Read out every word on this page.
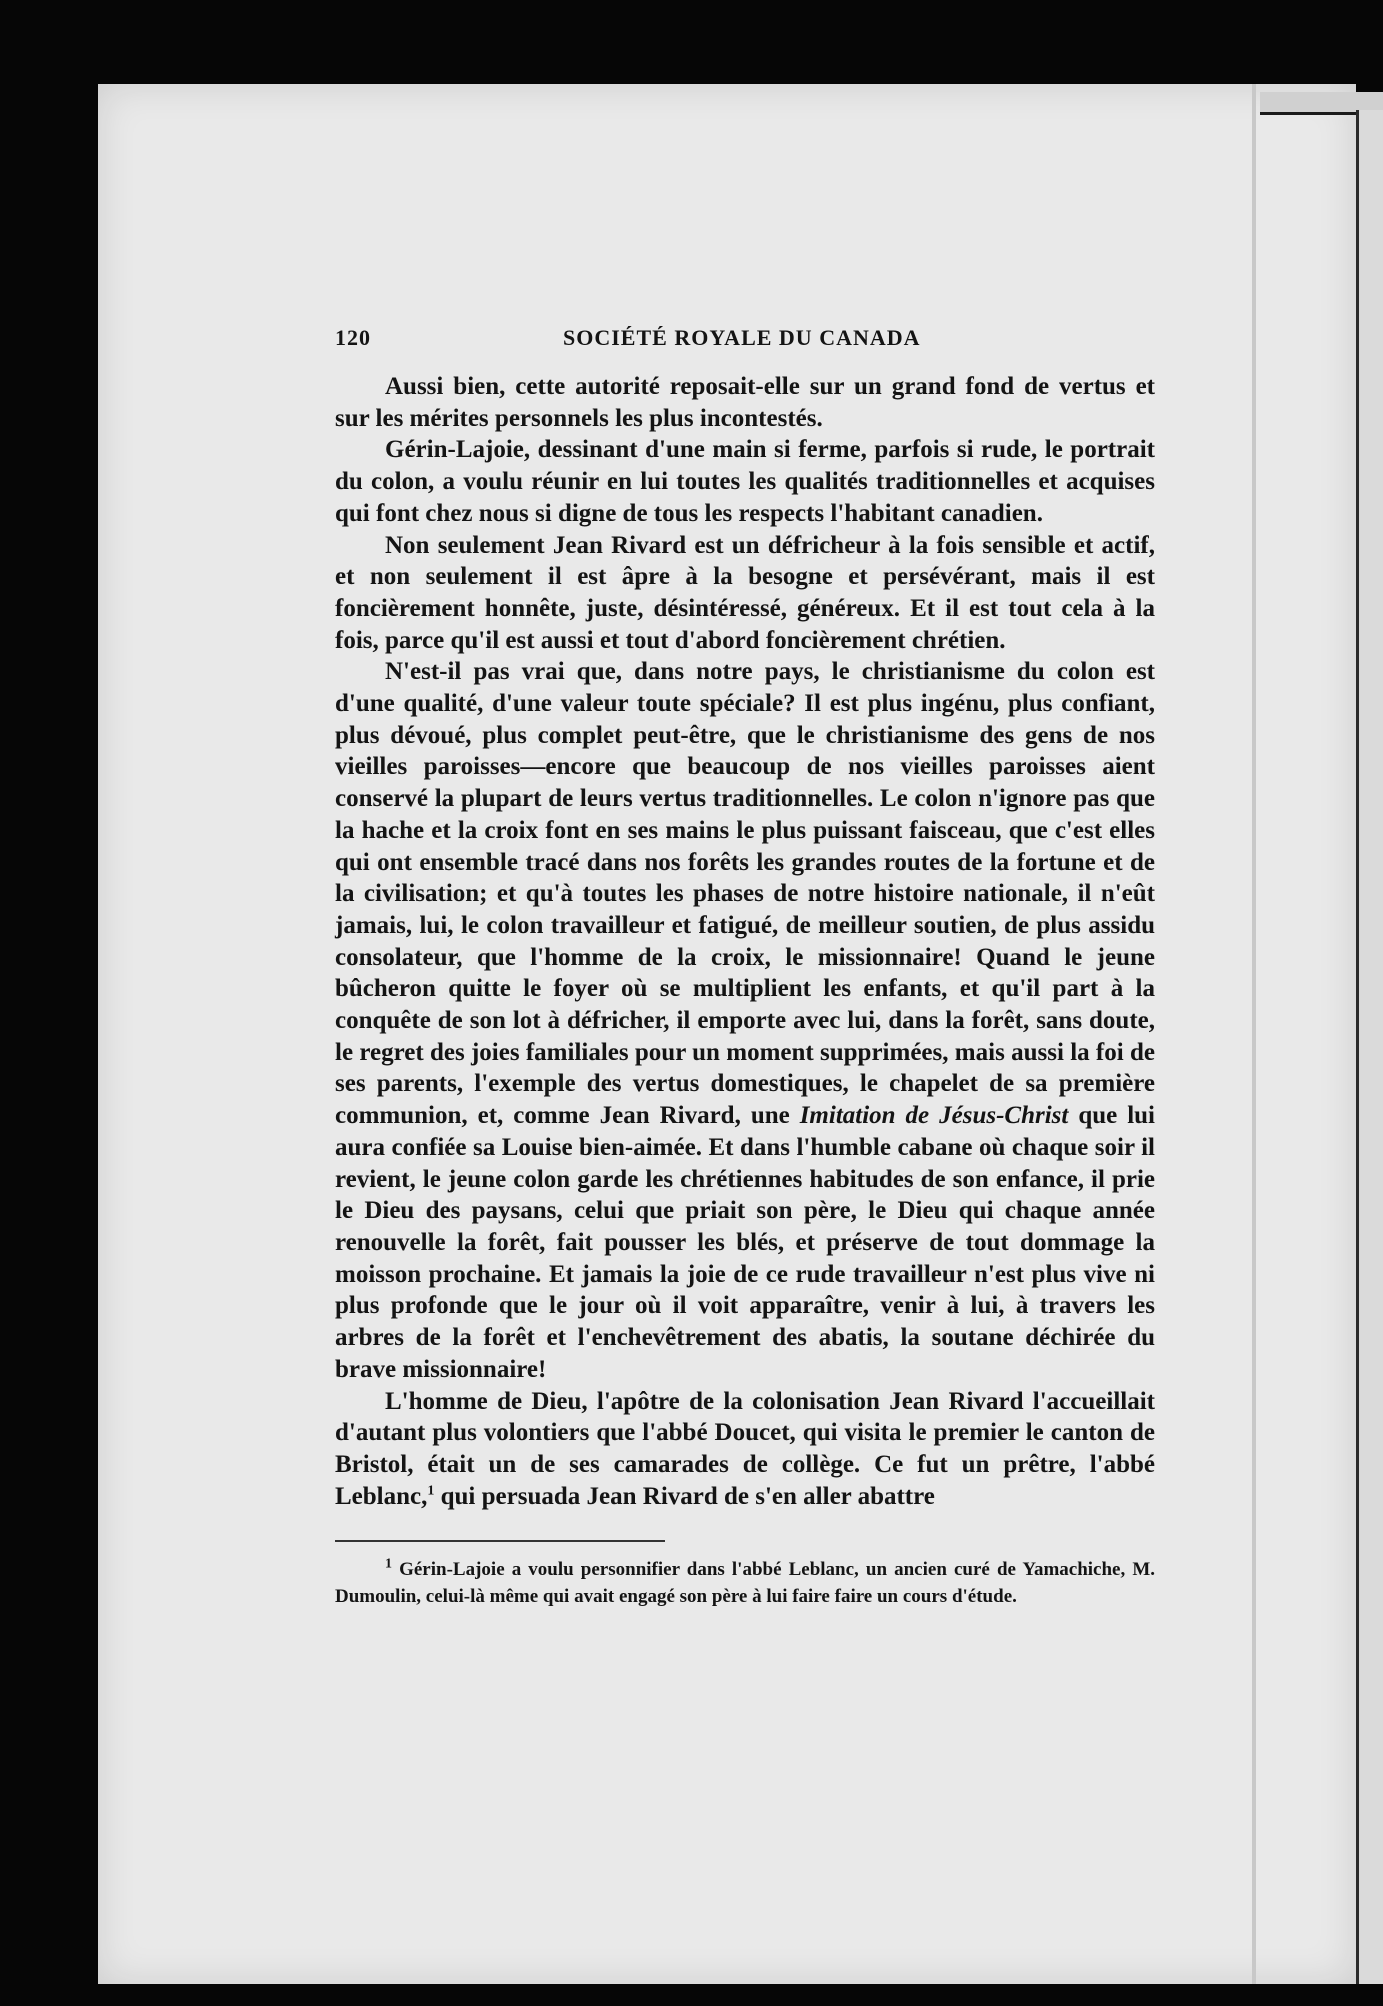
120	SOCIÉTÉ ROYALE DU CANADA

Aussi bien, cette autorité reposait-elle sur un grand fond de vertus et sur les mérites personnels les plus incontestés.

Gérin-Lajoie, dessinant d'une main si ferme, parfois si rude, le portrait du colon, a voulu réunir en lui toutes les qualités traditionnelles et acquises qui font chez nous si digne de tous les respects l'habitant canadien.

Non seulement Jean Rivard est un défricheur à la fois sensible et actif, et non seulement il est âpre à la besogne et persévérant, mais il est foncièrement honnête, juste, désintéressé, généreux. Et il est tout cela à la fois, parce qu'il est aussi et tout d'abord foncièrement chrétien.

N'est-il pas vrai que, dans notre pays, le christianisme du colon est d'une qualité, d'une valeur toute spéciale? Il est plus ingénu, plus confiant, plus dévoué, plus complet peut-être, que le christianisme des gens de nos vieilles paroisses—encore que beaucoup de nos vieilles paroisses aient conservé la plupart de leurs vertus traditionnelles. Le colon n'ignore pas que la hache et la croix font en ses mains le plus puissant faisceau, que c'est elles qui ont ensemble tracé dans nos forêts les grandes routes de la fortune et de la civilisation; et qu'à toutes les phases de notre histoire nationale, il n'eût jamais, lui, le colon travailleur et fatigué, de meilleur soutien, de plus assidu consolateur, que l'homme de la croix, le missionnaire! Quand le jeune bûcheron quitte le foyer où se multiplient les enfants, et qu'il part à la conquête de son lot à défricher, il emporte avec lui, dans la forêt, sans doute, le regret des joies familiales pour un moment supprimées, mais aussi la foi de ses parents, l'exemple des vertus domestiques, le chapelet de sa première communion, et, comme Jean Rivard, une Imitation de Jésus-Christ que lui aura confiée sa Louise bien-aimée. Et dans l'humble cabane où chaque soir il revient, le jeune colon garde les chrétiennes habitudes de son enfance, il prie le Dieu des paysans, celui que priait son père, le Dieu qui chaque année renouvelle la forêt, fait pousser les blés, et préserve de tout dommage la moisson prochaine. Et jamais la joie de ce rude travailleur n'est plus vive ni plus profonde que le jour où il voit apparaître, venir à lui, à travers les arbres de la forêt et l'enchevêtrement des abatis, la soutane déchirée du brave missionnaire!

L'homme de Dieu, l'apôtre de la colonisation Jean Rivard l'accueillait d'autant plus volontiers que l'abbé Doucet, qui visita le premier le canton de Bristol, était un de ses camarades de collège. Ce fut un prêtre, l'abbé Leblanc,$^1$ qui persuada Jean Rivard de s'en aller abattre

$^1$ Gérin-Lajoie a voulu personnifier dans l'abbé Leblanc, un ancien curé de Yamachiche, M. Dumoulin, celui-là même qui avait engagé son père à lui faire faire un cours d'étude.
